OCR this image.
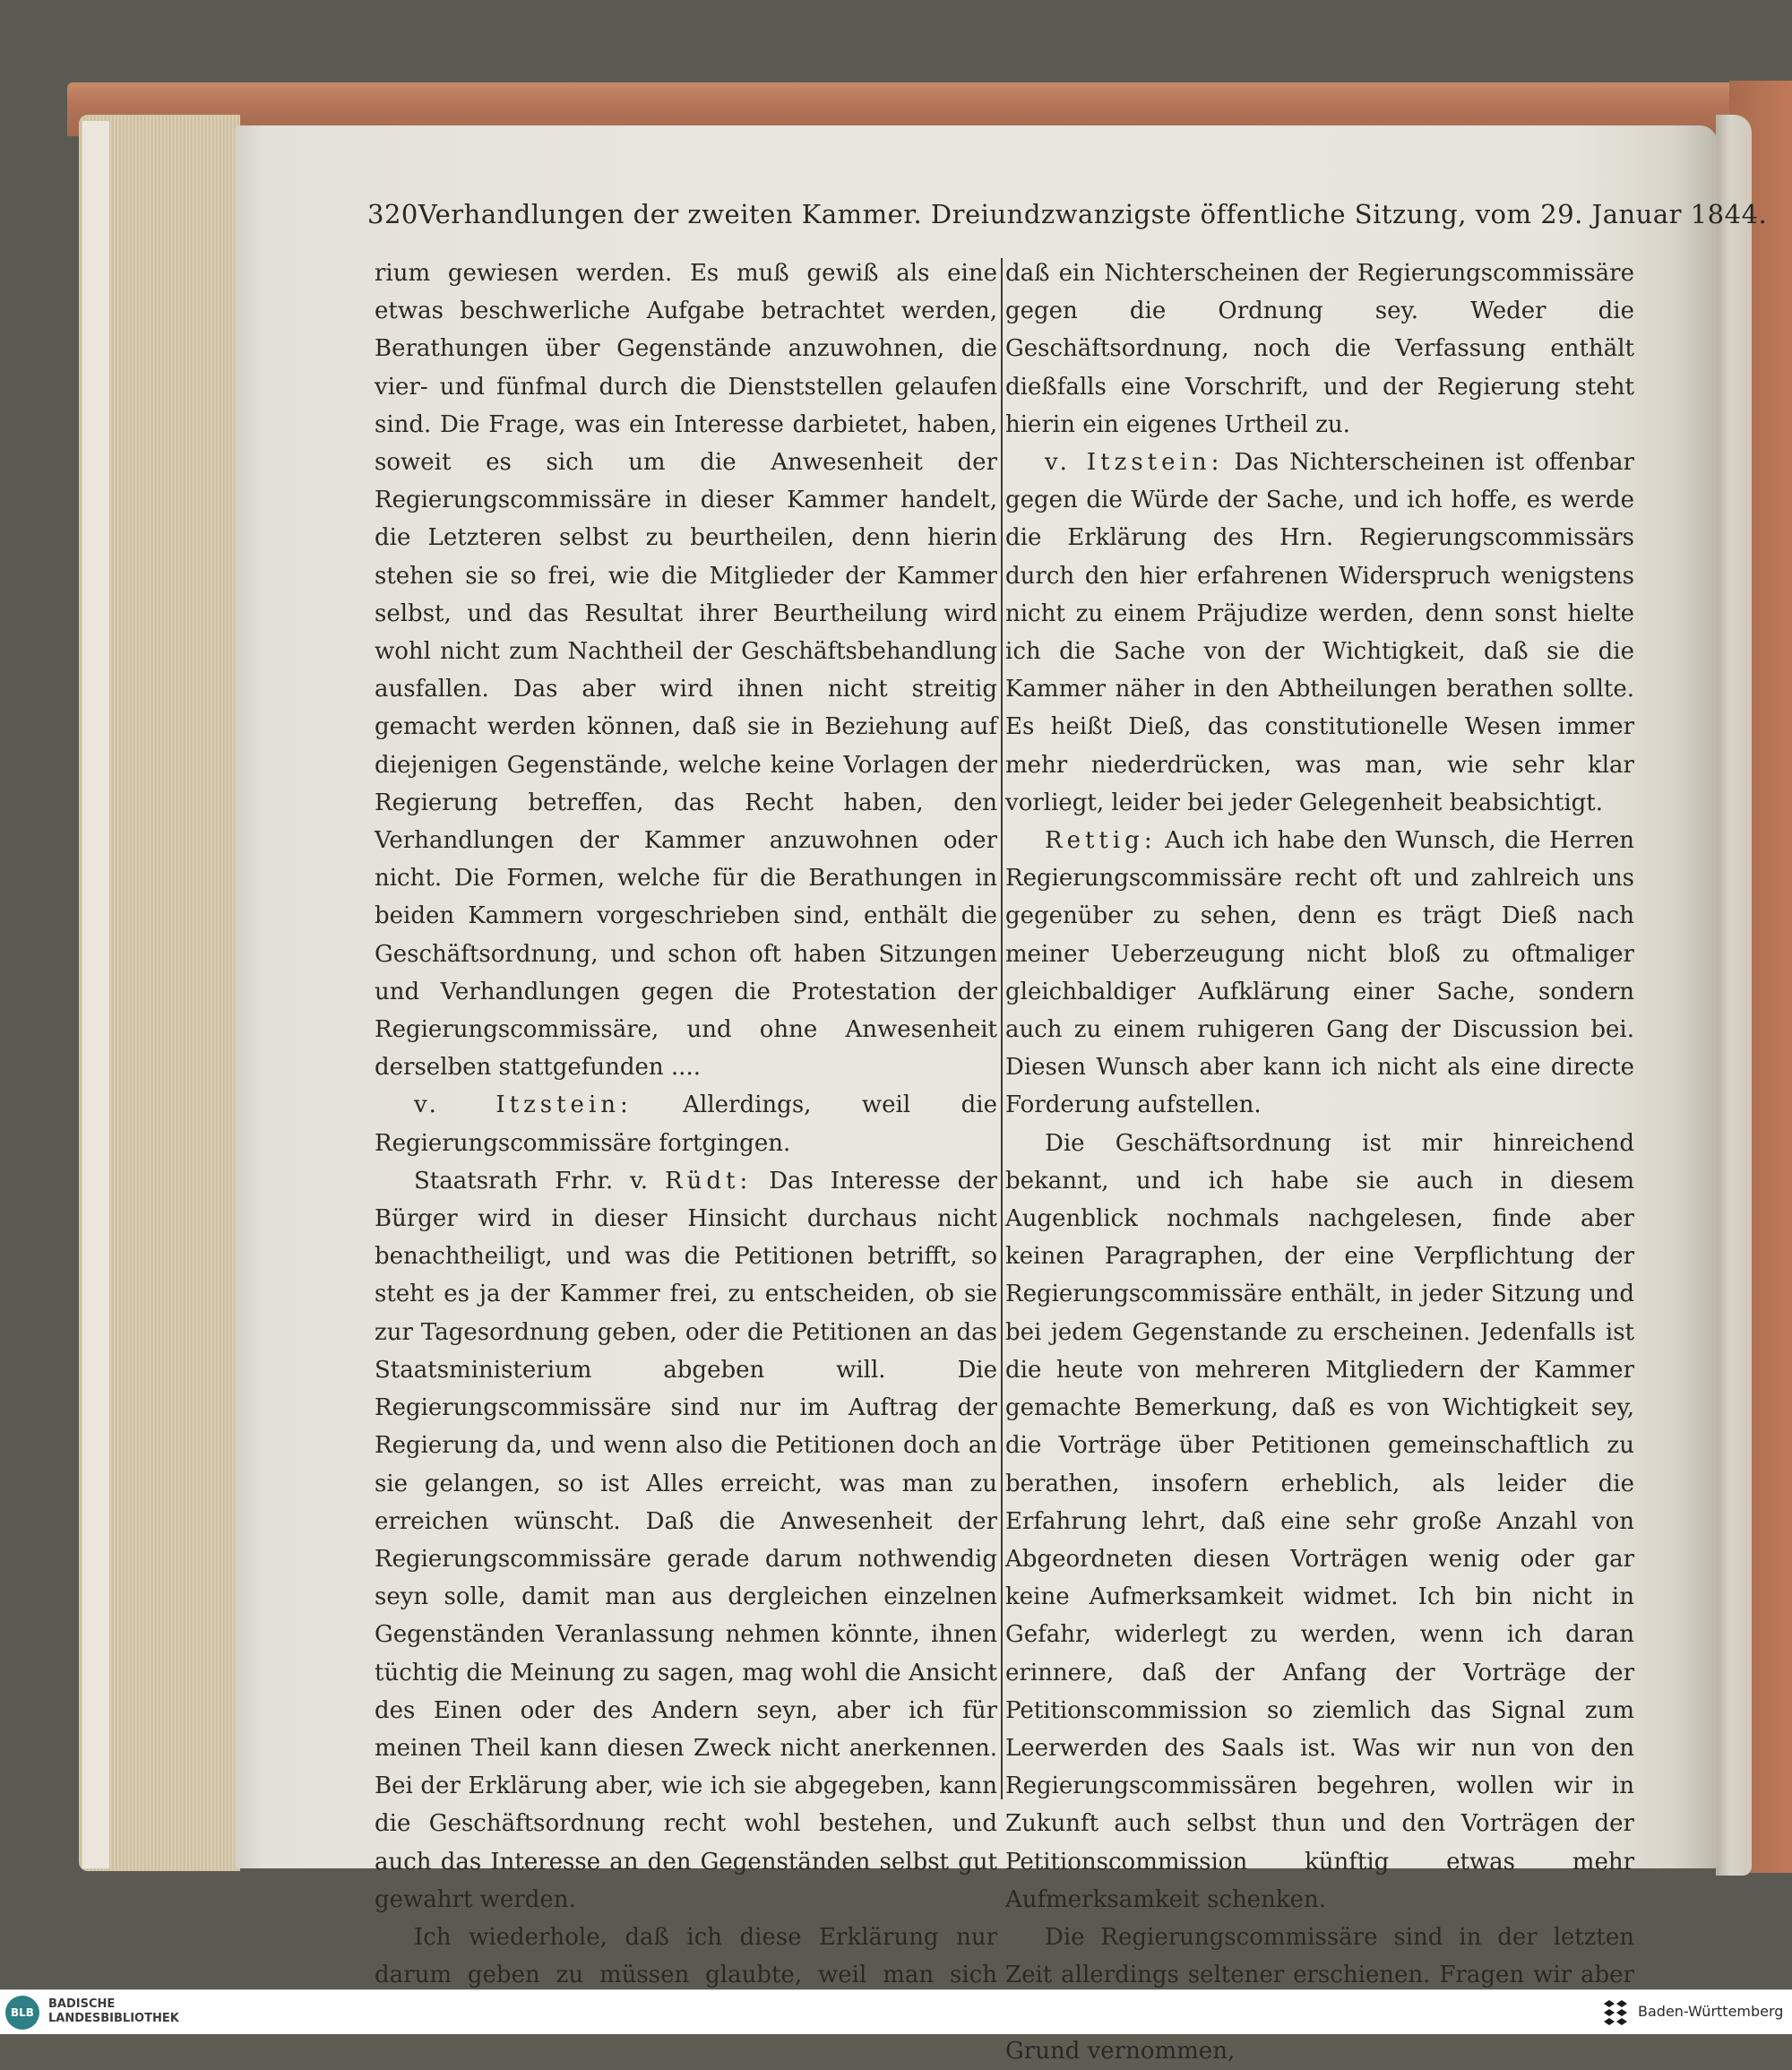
320 Verhandlungen der zweiten Kammer. Dreiundzwanzigste öffentliche Sitzung, vom 29. Januar 1844.

rium gewiesen werden. Es muß gewiß als eine etwas beschwerliche Aufgabe betrachtet werden, Berathungen über Gegenstände anzuwohnen, die vier- und fünfmal durch die Dienststellen gelaufen sind. Die Frage, was ein Interesse darbietet, haben, soweit es sich um die Anwesenheit der Regierungscommissäre in dieser Kammer handelt, die Letzteren selbst zu beurtheilen, denn hierin stehen sie so frei, wie die Mitglieder der Kammer selbst, und das Resultat ihrer Beurtheilung wird wohl nicht zum Nachtheil der Geschäftsbehandlung ausfallen. Das aber wird ihnen nicht streitig gemacht werden können, daß sie in Beziehung auf diejenigen Gegenstände, welche keine Vorlagen der Regierung betreffen, das Recht haben, den Verhandlungen der Kammer anzuwohnen oder nicht. Die Formen, welche für die Berathungen in beiden Kammern vorgeschrieben sind, enthält die Geschäftsordnung, und schon oft haben Sitzungen und Verhandlungen gegen die Protestation der Regierungscommissäre, und ohne Anwesenheit derselben stattgefunden ....

v. Itzstein: Allerdings, weil die Regierungscommissäre fortgingen.

Staatsrath Frhr. v. Rüdt: Das Interesse der Bürger wird in dieser Hinsicht durchaus nicht benachtheiligt, und was die Petitionen betrifft, so steht es ja der Kammer frei, zu entscheiden, ob sie zur Tagesordnung geben, oder die Petitionen an das Staatsministerium abgeben will. Die Regierungscommissäre sind nur im Auftrag der Regierung da, und wenn also die Petitionen doch an sie gelangen, so ist Alles erreicht, was man zu erreichen wünscht. Daß die Anwesenheit der Regierungscommissäre gerade darum nothwendig seyn solle, damit man aus dergleichen einzelnen Gegenständen Veranlassung nehmen könnte, ihnen tüchtig die Meinung zu sagen, mag wohl die Ansicht des Einen oder des Andern seyn, aber ich für meinen Theil kann diesen Zweck nicht anerkennen. Bei der Erklärung aber, wie ich sie abgegeben, kann die Geschäftsordnung recht wohl bestehen, und auch das Interesse an den Gegenständen selbst gut gewahrt werden.

Ich wiederhole, daß ich diese Erklärung nur darum geben zu müssen glaubte, weil man sich

daß ein Nichterscheinen der Regierungscommissäre gegen die Ordnung sey. Weder die Geschäftsordnung, noch die Verfassung enthält dießfalls eine Vorschrift, und der Regierung steht hierin ein eigenes Urtheil zu.

v. Itzstein: Das Nichterscheinen ist offenbar gegen die Würde der Sache, und ich hoffe, es werde die Erklärung des Hrn. Regierungscommissärs durch den hier erfahrenen Widerspruch wenigstens nicht zu einem Präjudize werden, denn sonst hielte ich die Sache von der Wichtigkeit, daß sie die Kammer näher in den Abtheilungen berathen sollte. Es heißt Dieß, das constitutionelle Wesen immer mehr niederdrücken, was man, wie sehr klar vorliegt, leider bei jeder Gelegenheit beabsichtigt.

Rettig: Auch ich habe den Wunsch, die Herren Regierungscommissäre recht oft und zahlreich uns gegenüber zu sehen, denn es trägt Dieß nach meiner Ueberzeugung nicht bloß zu oftmaliger gleichbaldiger Aufklärung einer Sache, sondern auch zu einem ruhigeren Gang der Discussion bei. Diesen Wunsch aber kann ich nicht als eine directe Forderung aufstellen.

Die Geschäftsordnung ist mir hinreichend bekannt, und ich habe sie auch in diesem Augenblick nochmals nachgelesen, finde aber keinen Paragraphen, der eine Verpflichtung der Regierungscommissäre enthält, in jeder Sitzung und bei jedem Gegenstande zu erscheinen. Jedenfalls ist die heute von mehreren Mitgliedern der Kammer gemachte Bemerkung, daß es von Wichtigkeit sey, die Vorträge über Petitionen gemeinschaftlich zu berathen, insofern erheblich, als leider die Erfahrung lehrt, daß eine sehr große Anzahl von Abgeordneten diesen Vorträgen wenig oder gar keine Aufmerksamkeit widmet. Ich bin nicht in Gefahr, widerlegt zu werden, wenn ich daran erinnere, daß der Anfang der Vorträge der Petitionscommission so ziemlich das Signal zum Leerwerden des Saals ist. Was wir nun von den Regierungscommissären begehren, wollen wir in Zukunft auch selbst thun und den Vorträgen der Petitionscommission künftig etwas mehr Aufmerksamkeit schenken.

Die Regierungscommissäre sind in der letzten Zeit allerdings seltener erschienen. Fragen wir aber Grund vernommen,

BLB
BADISCHE
LANDESBIBLIOTHEK	Baden-Württemberg
